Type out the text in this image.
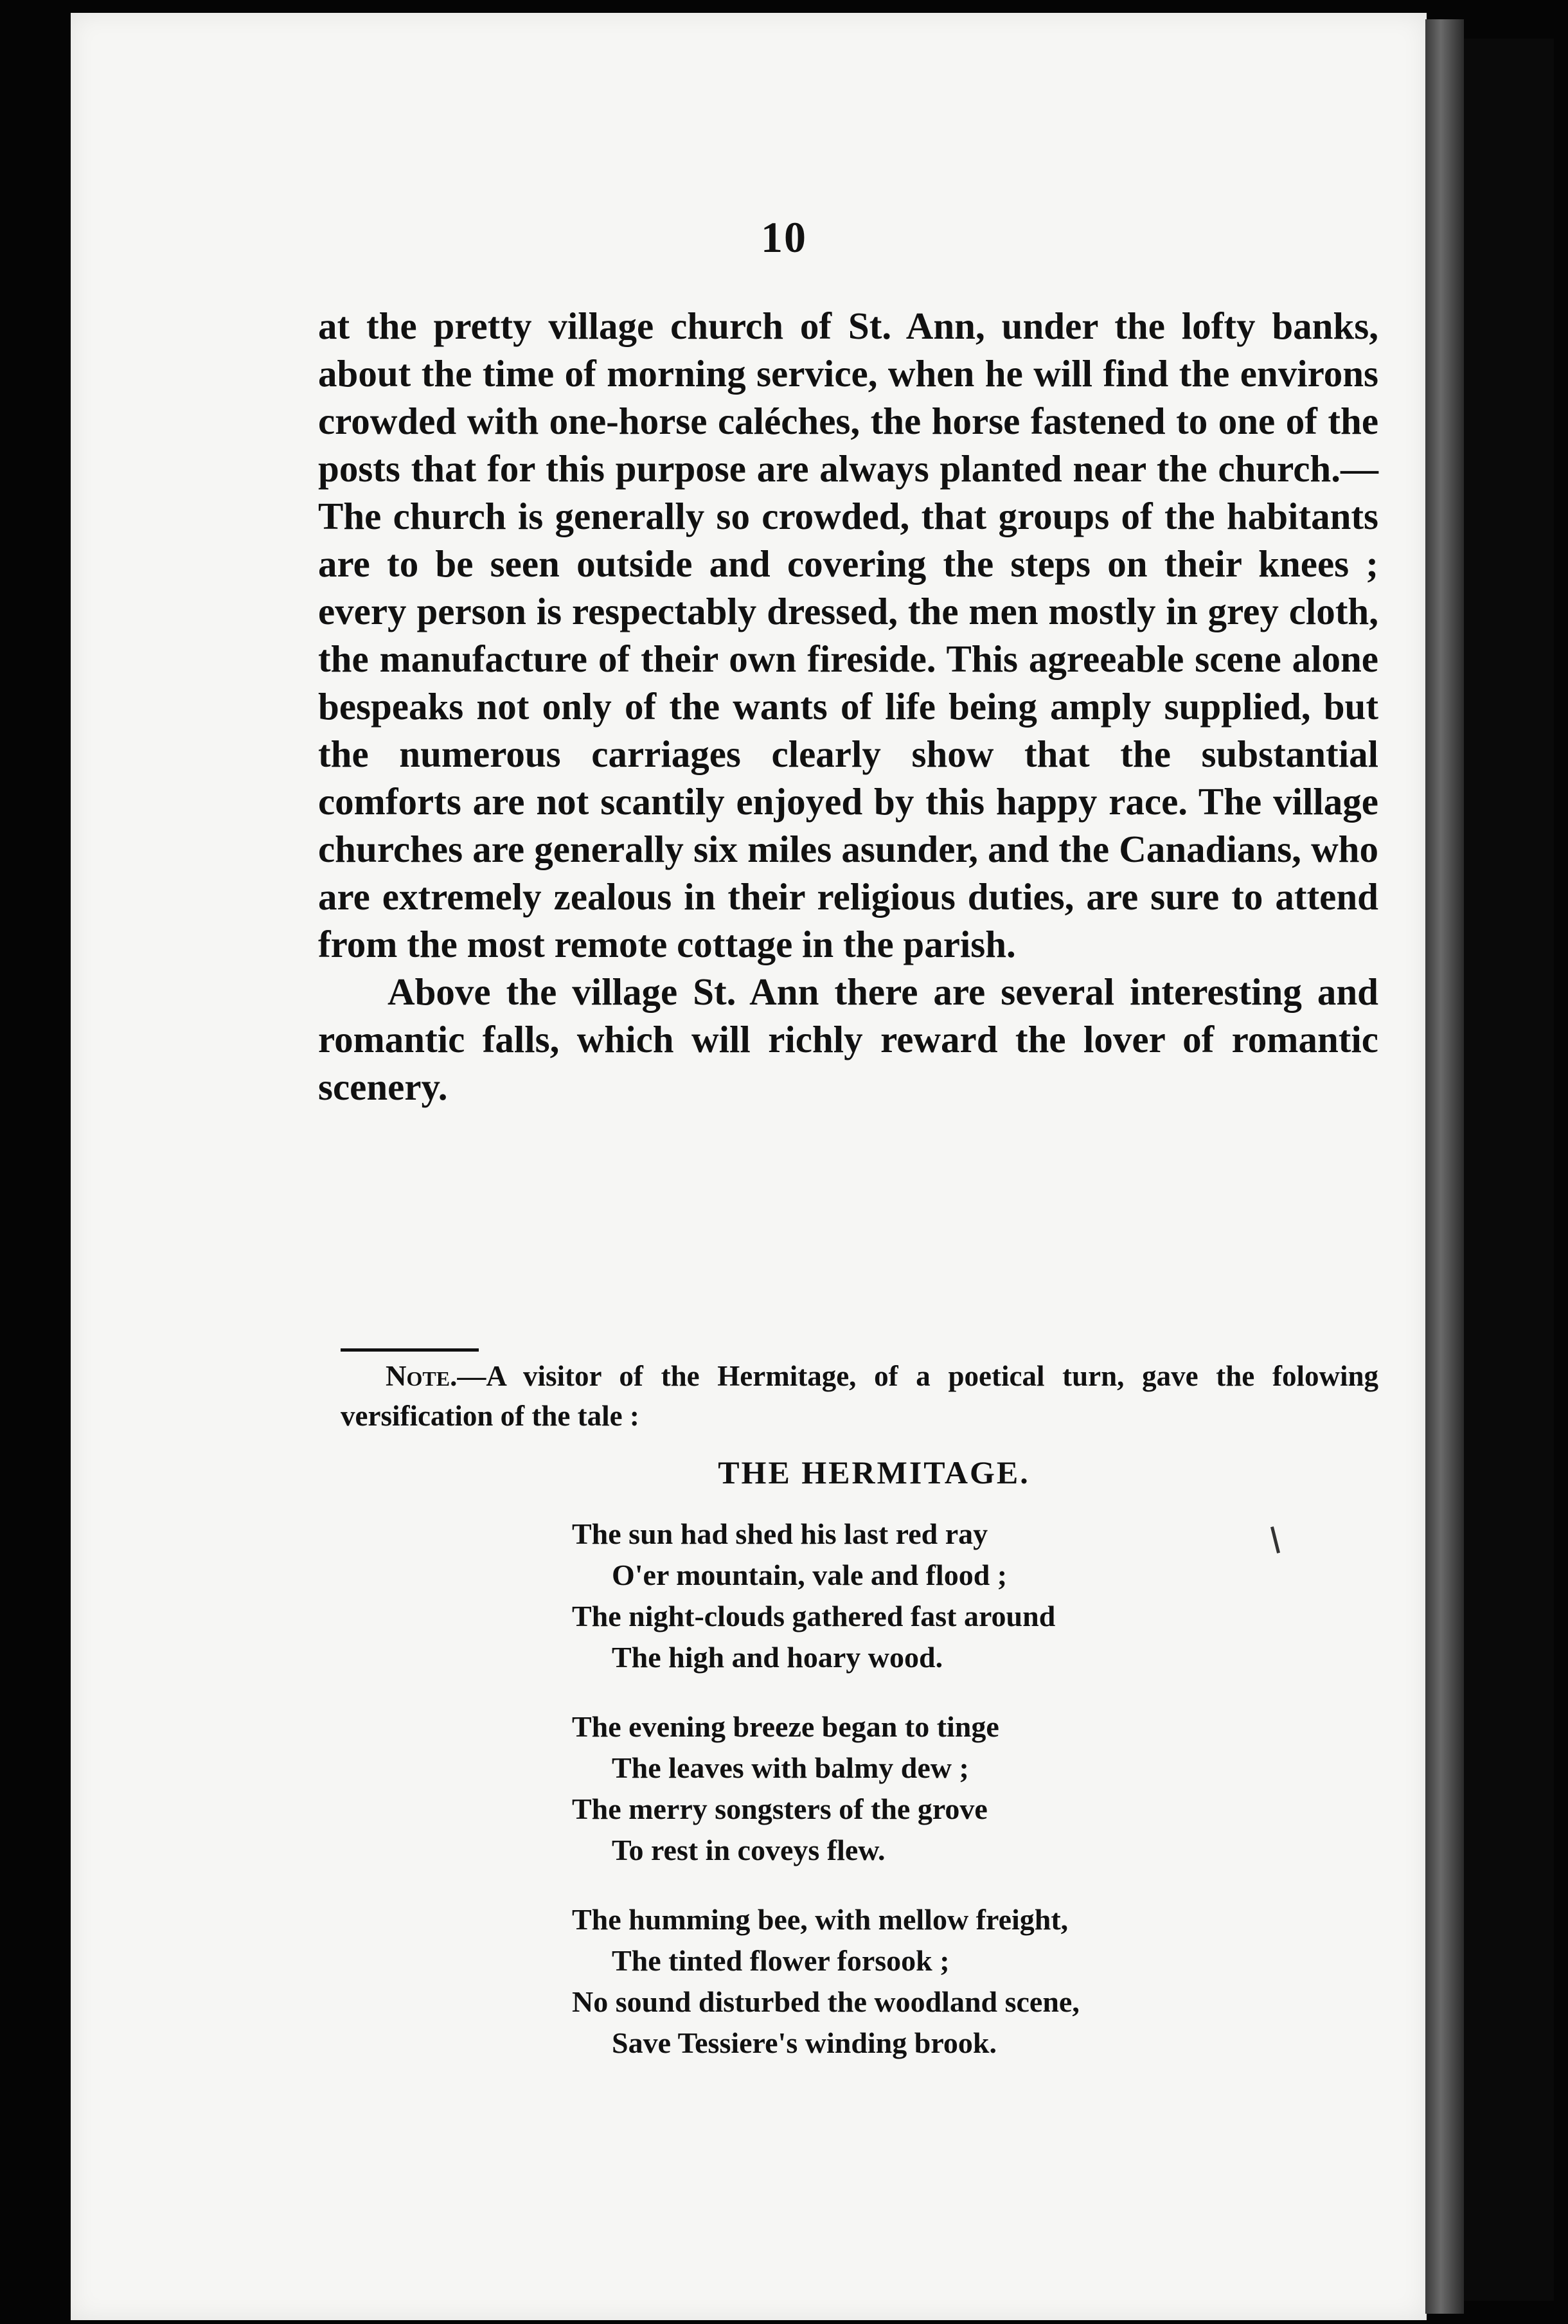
10

at the pretty village church of St. Ann, under the lofty banks, about the time of morning service, when he will find the environs crowded with one-horse caléches, the horse fastened to one of the posts that for this purpose are always planted near the church.— The church is generally so crowded, that groups of the habitants are to be seen outside and covering the steps on their knees ; every person is respectably dressed, the men mostly in grey cloth, the manufacture of their own fireside. This agreeable scene alone bespeaks not only of the wants of life being amply supplied, but the numerous carriages clearly show that the substantial comforts are not scantily enjoyed by this happy race. The village churches are generally six miles asunder, and the Canadians, who are extremely zealous in their religious duties, are sure to attend from the most remote cottage in the parish.

Above the village St. Ann there are several interesting and romantic falls, which will richly reward the lover of romantic scenery.

Note.—A visitor of the Hermitage, of a poetical turn, gave the folowing versification of the tale :
THE HERMITAGE.
The sun had shed his last red ray
O'er mountain, vale and flood ;
The night-clouds gathered fast around
The high and hoary wood.
The evening breeze began to tinge
The leaves with balmy dew ;
The merry songsters of the grove
To rest in coveys flew.
The humming bee, with mellow freight,
The tinted flower forsook ;
No sound disturbed the woodland scene,
Save Tessiere's winding brook.
